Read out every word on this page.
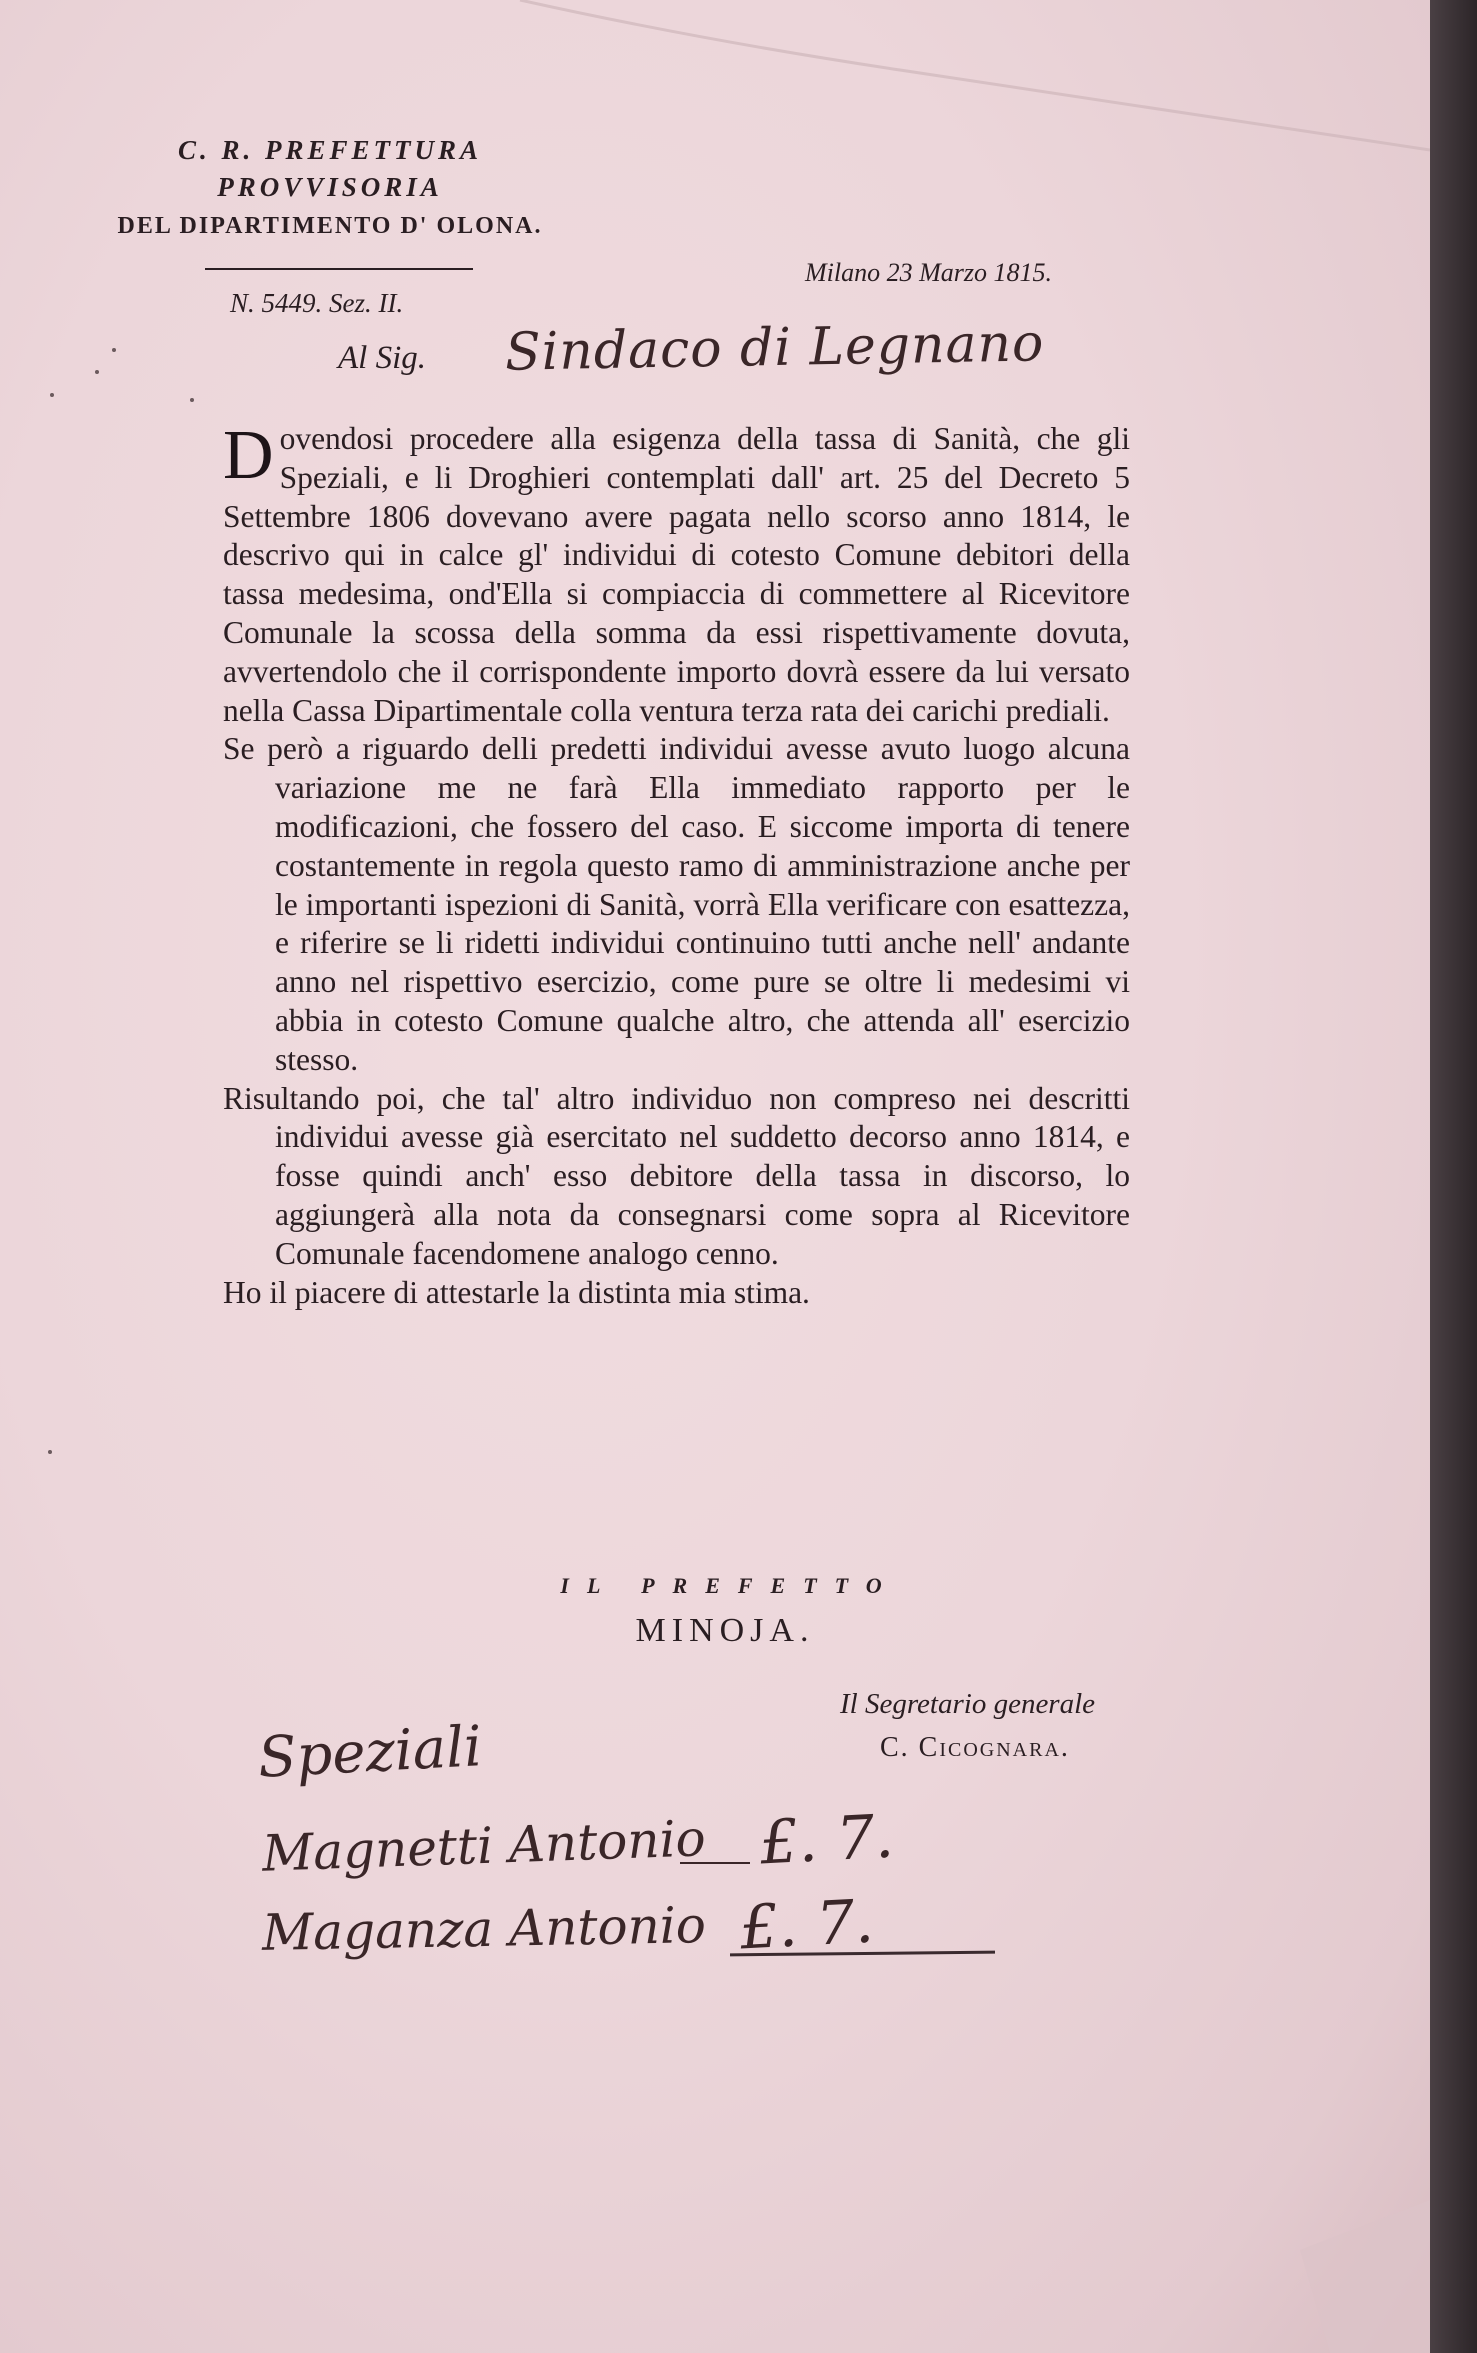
C. R. PREFETTURA
PROVVISORIA
DEL DIPARTIMENTO D' OLONA.
N. 5449. Sez. II.
Milano 23 Marzo 1815.
Al Sig. Sindaco di Legnano

Dovendosi procedere alla esigenza della tassa di Sanità, che gli Speziali, e li Droghieri contemplati dall' art. 25 del Decreto 5 Settembre 1806 dovevano avere pagata nello scorso anno 1814, le descrivo qui in calce gl' individui di cotesto Comune debitori della tassa medesima, ond'Ella si compiaccia di commettere al Ricevitore Comunale la scossa della somma da essi rispettivamente dovuta, avvertendolo che il corrispondente importo dovrà essere da lui versato nella Cassa Dipartimentale colla ventura terza rata dei carichi prediali.

Se però a riguardo delli predetti individui avesse avuto luogo alcuna variazione me ne farà Ella immediato rapporto per le modificazioni, che fossero del caso. E siccome importa di tenere costantemente in regola questo ramo di amministrazione anche per le importanti ispezioni di Sanità, vorrà Ella verificare con esattezza, e riferire se li ridetti individui continuino tutti anche nell' andante anno nel rispettivo esercizio, come pure se oltre li medesimi vi abbia in cotesto Comune qualche altro, che attenda all' esercizio stesso.

Risultando poi, che tal' altro individuo non compreso nei descritti individui avesse già esercitato nel suddetto decorso anno 1814, e fosse quindi anch' esso debitore della tassa in discorso, lo aggiungerà alla nota da consegnarsi come sopra al Ricevitore Comunale facendomene analogo cenno.

Ho il piacere di attestarle la distinta mia stima.

IL PREFETTO
MINOJA.
Il Segretario generale
C. Cicognara.
Speziali
Magnetti Antonio £. 7.
Maganza Antonio £. 7.
